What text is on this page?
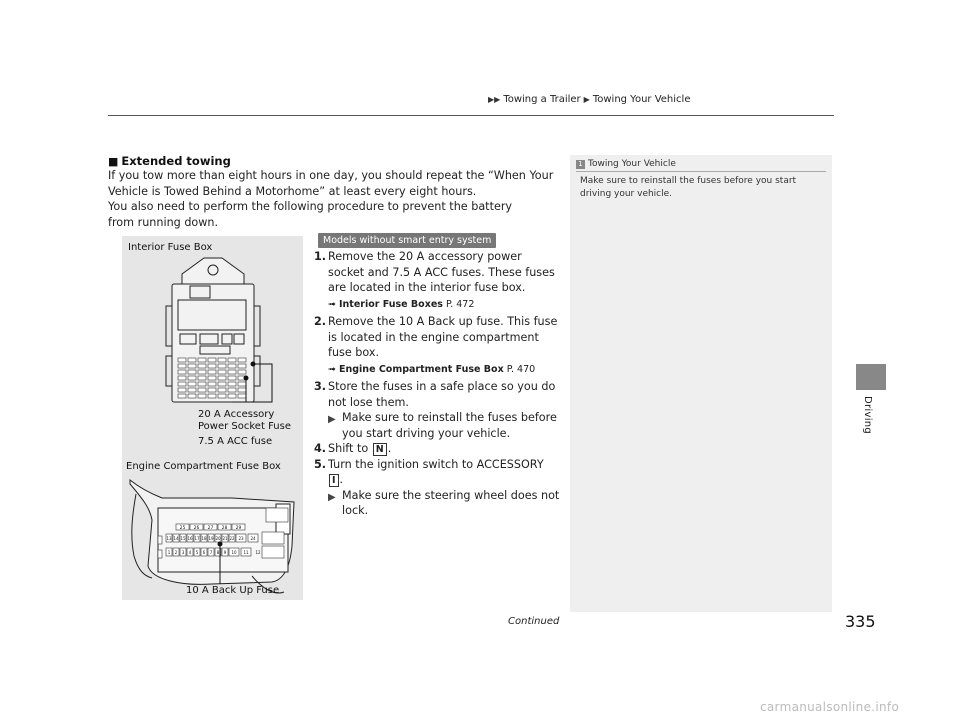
▶▶ Towing a Trailer ▶ Towing Your Vehicle
Driving
■ Extended towing

If you tow more than eight hours in one day, you should repeat the “When Your Vehicle is Towed Behind a Motorhome” at least every eight hours.

You also need to perform the following procedure to prevent the battery from running down.

Interior Fuse Box
25 26 27 28 29
13 14 15 16 17 18 19 20 21 22 23 24
1 2 3 4 5 6 7 8 9 10 11 12
20 A Accessory
Power Socket Fuse
7.5 A ACC fuse
Engine Compartment Fuse Box
10 A Back Up Fuse
Models without smart entry system
1. Remove the 20 A accessory power socket and 7.5 A ACC fuses. These fuses are located in the interior fuse box.
➟ Interior Fuse Boxes P. 472
2. Remove the 10 A Back up fuse. This fuse is located in the engine compartment fuse box.
➟ Engine Compartment Fuse Box P. 470
3. Store the fuses in a safe place so you do not lose them.
▶ Make sure to reinstall the fuses before you start driving your vehicle.
4. Shift to N .
5. Turn the ignition switch to ACCESSORY
I .
▶ Make sure the steering wheel does not lock.
1 Towing Your Vehicle
Make sure to reinstall the fuses before you start driving your vehicle.
Continued	335
carmanualsonline.info
